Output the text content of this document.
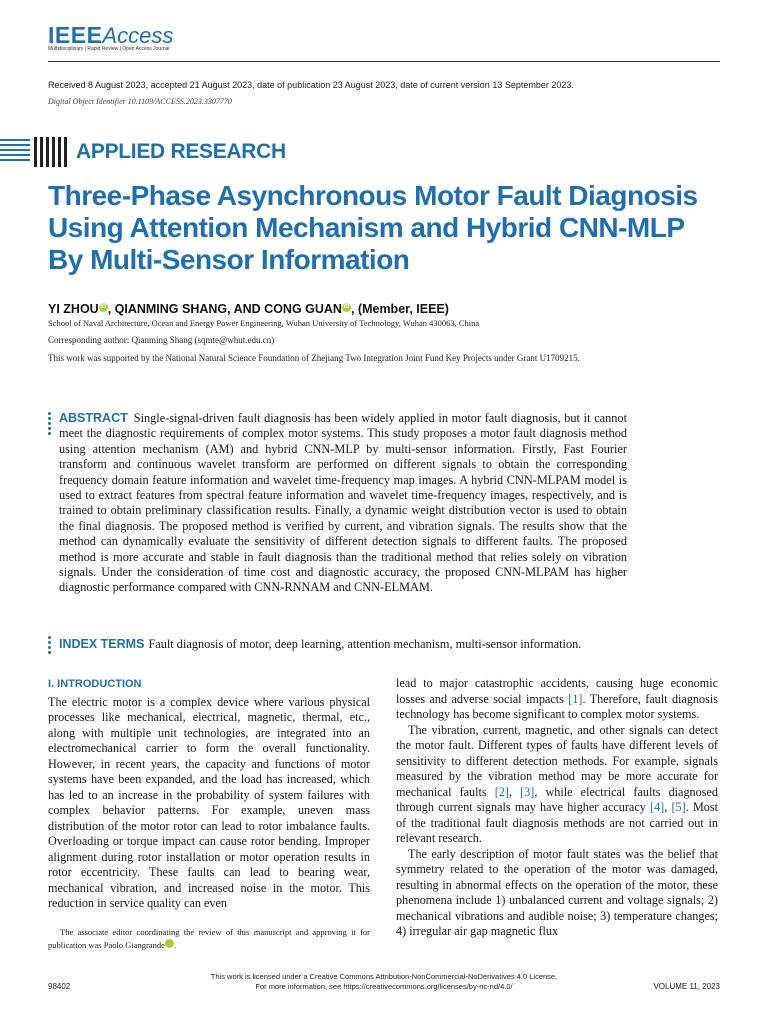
IEEEAccess
Multidisciplinary | Rapid Review | Open Access Journal
Received 8 August 2023, accepted 21 August 2023, date of publication 23 August 2023, date of current version 13 September 2023.
Digital Object Identifier 10.1109/ACCESS.2023.3307770
APPLIED RESEARCH
Three-Phase Asynchronous Motor Fault Diagnosis Using Attention Mechanism and Hybrid CNN-MLP By Multi-Sensor Information
YI ZHOU iD , QIANMING SHANG, AND CONG GUAN iD , (Member, IEEE)
School of Naval Architecture, Ocean and Energy Power Engineering, Wuhan University of Technology, Wuhan 430063, China
Corresponding author: Qianming Shang (sqmte@whut.edu.cn)
This work was supported by the National Natural Science Foundation of Zhejiang Two Integration Joint Fund Key Projects under Grant U1709215.
ABSTRACT Single-signal-driven fault diagnosis has been widely applied in motor fault diagnosis, but it cannot meet the diagnostic requirements of complex motor systems. This study proposes a motor fault diagnosis method using attention mechanism (AM) and hybrid CNN-MLP by multi-sensor information. Firstly, Fast Fourier transform and continuous wavelet transform are performed on different signals to obtain the corresponding frequency domain feature information and wavelet time-frequency map images. A hybrid CNN-MLPAM model is used to extract features from spectral feature information and wavelet time-frequency images, respectively, and is trained to obtain preliminary classification results. Finally, a dynamic weight distribution vector is used to obtain the final diagnosis. The proposed method is verified by current, and vibration signals. The results show that the method can dynamically evaluate the sensitivity of different detection signals to different faults. The proposed method is more accurate and stable in fault diagnosis than the traditional method that relies solely on vibration signals. Under the consideration of time cost and diagnostic accuracy, the proposed CNN-MLPAM has higher diagnostic performance compared with CNN-RNNAM and CNN-ELMAM.
INDEX TERMS Fault diagnosis of motor, deep learning, attention mechanism, multi-sensor information.
I. INTRODUCTION

The electric motor is a complex device where various physical processes like mechanical, electrical, magnetic, thermal, etc., along with multiple unit technologies, are integrated into an electromechanical carrier to form the overall functionality. However, in recent years, the capacity and functions of motor systems have been expanded, and the load has increased, which has led to an increase in the probability of system failures with complex behavior patterns. For example, uneven mass distribution of the motor rotor can lead to rotor imbalance faults. Overloading or torque impact can cause rotor bending. Improper alignment during rotor installation or motor operation results in rotor eccentricity. These faults can lead to bearing wear, mechanical vibration, and increased noise in the motor. This reduction in service quality can even

The associate editor coordinating the review of this manuscript and approving it for publication was Paolo Giangrande iD.

lead to major catastrophic accidents, causing huge economic losses and adverse social impacts [1]. Therefore, fault diagnosis technology has become significant to complex motor systems.

The vibration, current, magnetic, and other signals can detect the motor fault. Different types of faults have different levels of sensitivity to different detection methods. For example, signals measured by the vibration method may be more accurate for mechanical faults [2], [3], while electrical faults diagnosed through current signals may have higher accuracy [4], [5]. Most of the traditional fault diagnosis methods are not carried out in relevant research.

The early description of motor fault states was the belief that symmetry related to the operation of the motor was damaged, resulting in abnormal effects on the operation of the motor, these phenomena include 1) unbalanced current and voltage signals; 2) mechanical vibrations and audible noise; 3) temperature changes; 4) irregular air gap magnetic flux

This work is licensed under a Creative Commons Attribution-NonCommercial-NoDerivatives 4.0 License.
For more information, see https://creativecommons.org/licenses/by-nc-nd/4.0/
98402	VOLUME 11, 2023
